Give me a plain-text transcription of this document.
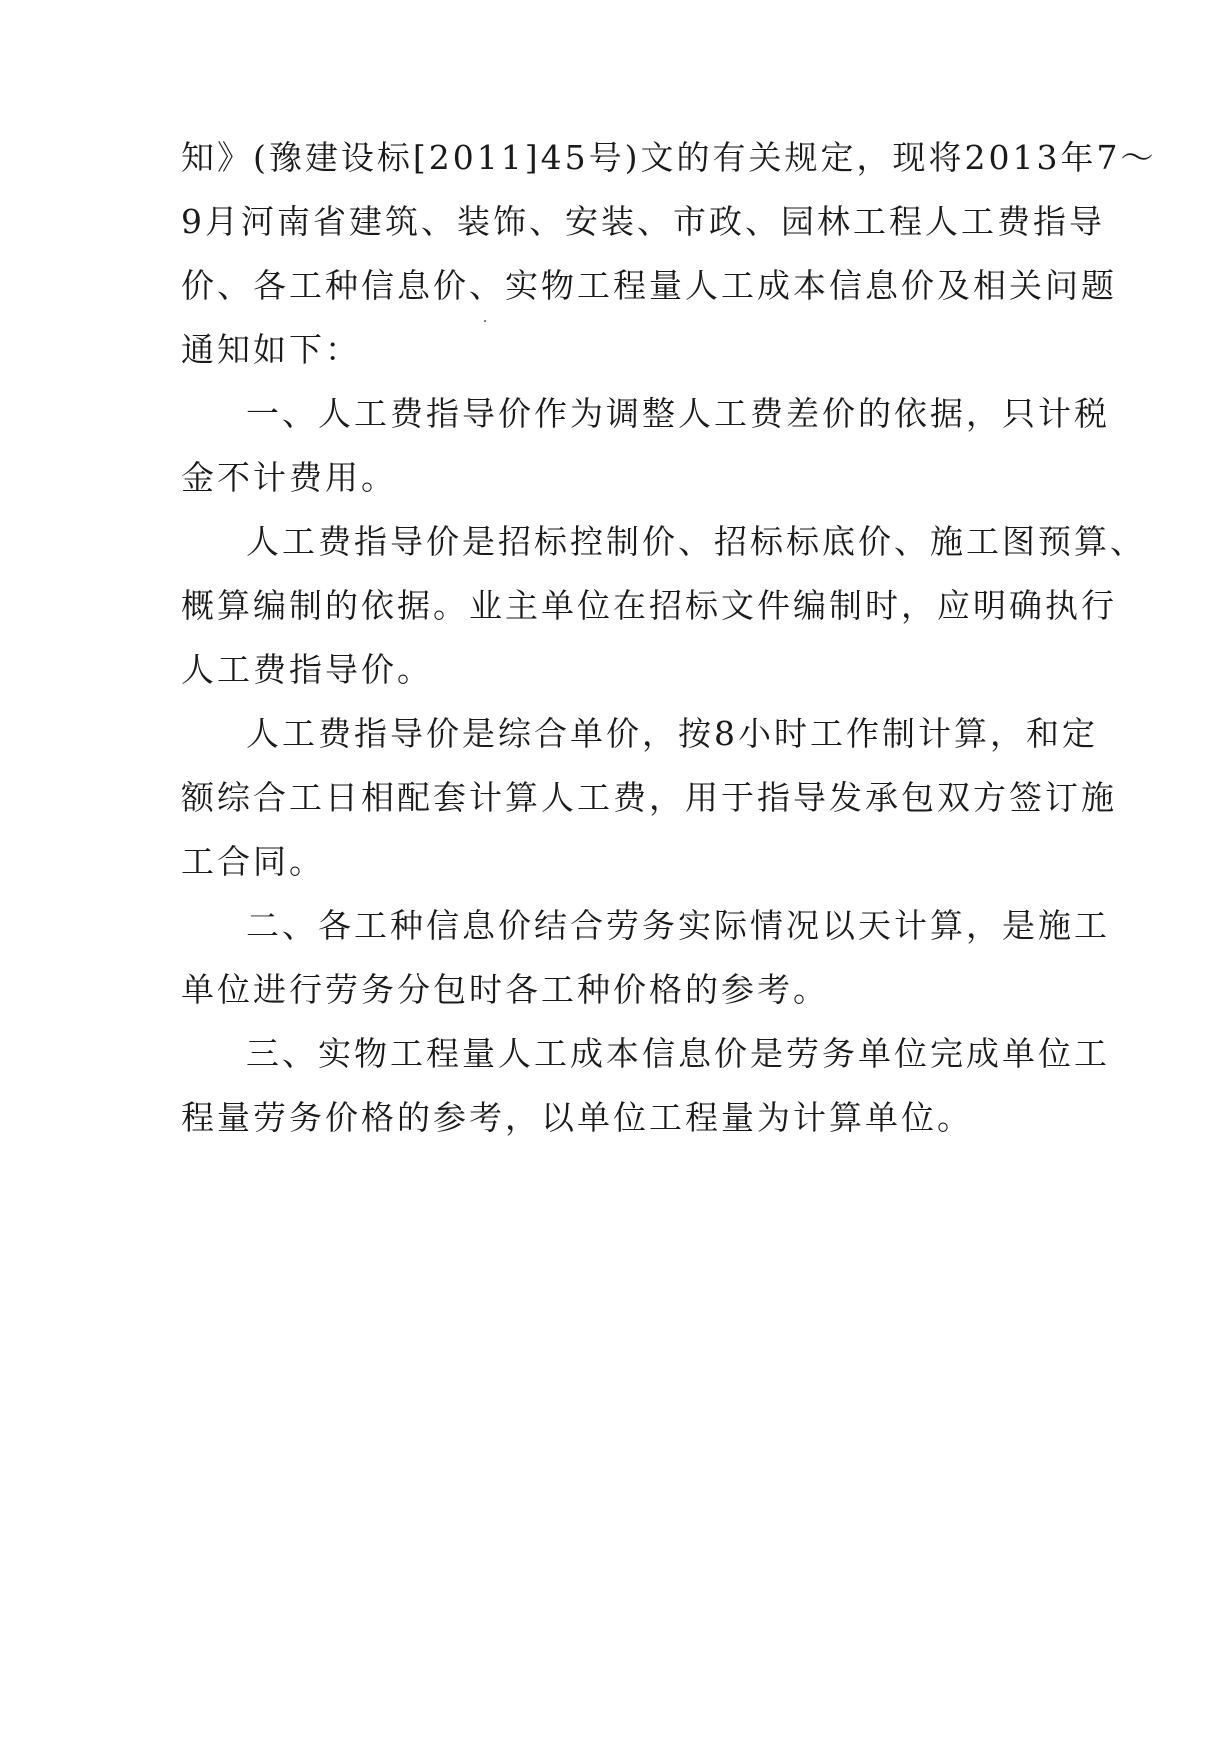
知》(豫建设标[2011]45号)文的有关规定，现将2013年7～

9月河南省建筑、装饰、安装、市政、园林工程人工费指导

价、各工种信息价、实物工程量人工成本信息价及相关问题

通知如下：

一、人工费指导价作为调整人工费差价的依据，只计税

金不计费用。

人工费指导价是招标控制价、招标标底价、施工图预算、

概算编制的依据。业主单位在招标文件编制时，应明确执行

人工费指导价。

人工费指导价是综合单价，按8小时工作制计算，和定

额综合工日相配套计算人工费，用于指导发承包双方签订施

工合同。

二、各工种信息价结合劳务实际情况以天计算，是施工

单位进行劳务分包时各工种价格的参考。

三、实物工程量人工成本信息价是劳务单位完成单位工

程量劳务价格的参考，以单位工程量为计算单位。
